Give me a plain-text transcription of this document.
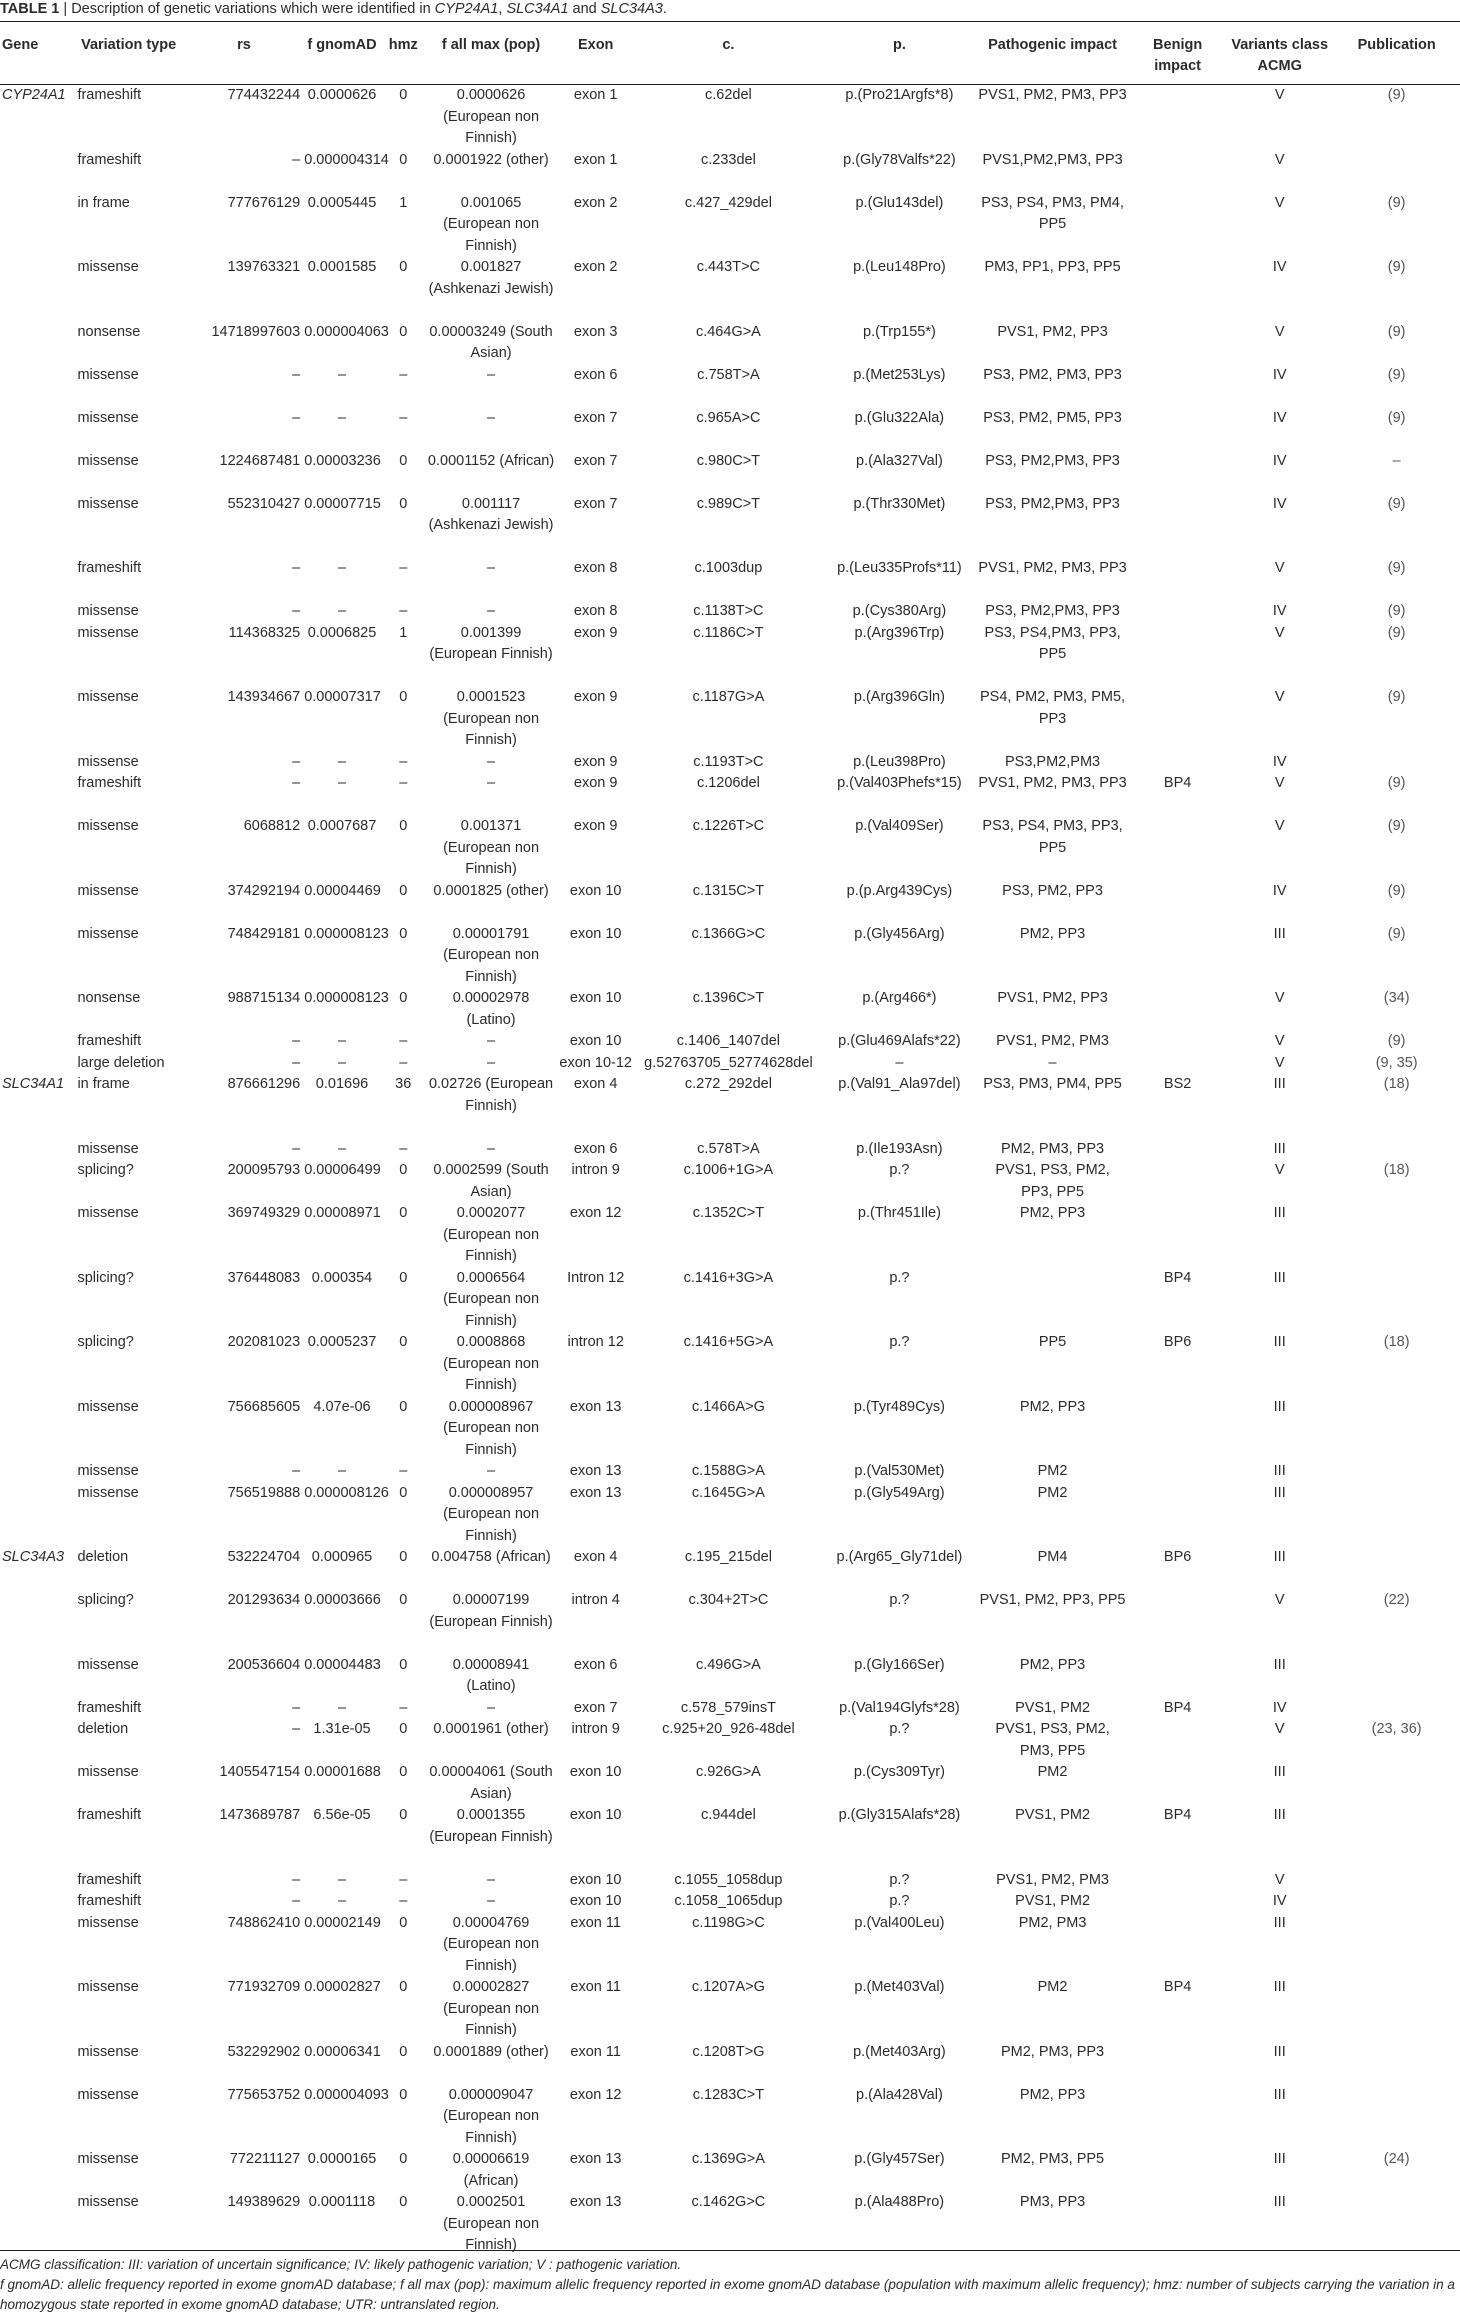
TABLE 1 | Description of genetic variations which were identified in CYP24A1, SLC34A1 and SLC34A3.
Gene	Variation type	rs	f gnomAD	hmz	f all max (pop)	Exon	c.	p.	Pathogenic impact	Benign impact	Variants class ACMG	Publication

CYP24A1	frameshift	774432244	0.0000626	0	0.0000626 (European non Finnish)	exon 1	c.62del	p.(Pro21Argfs*8)	PVS1, PM2, PM3, PP3		V	(9)
	frameshift	–	0.000004314	0	0.0001922 (other)	exon 1	c.233del	p.(Gly78Valfs*22)	PVS1,PM2,PM3, PP3		V	
	in frame	777676129	0.0005445	1	0.001065 (European non Finnish)	exon 2	c.427_429del	p.(Glu143del)	PS3, PS4, PM3, PM4, PP5		V	(9)
	missense	139763321	0.0001585	0	0.001827 (Ashkenazi Jewish)	exon 2	c.443T>C	p.(Leu148Pro)	PM3, PP1, PP3, PP5		IV	(9)
	nonsense	14718997603	0.000004063	0	0.00003249 (South Asian)	exon 3	c.464G>A	p.(Trp155*)	PVS1, PM2, PP3		V	(9)
	missense	–	–	–	–	exon 6	c.758T>A	p.(Met253Lys)	PS3, PM2, PM3, PP3		IV	(9)
	missense	–	–	–	–	exon 7	c.965A>C	p.(Glu322Ala)	PS3, PM2, PM5, PP3		IV	(9)
	missense	1224687481	0.00003236	0	0.0001152 (African)	exon 7	c.980C>T	p.(Ala327Val)	PS3, PM2,PM3, PP3		IV	–
	missense	552310427	0.00007715	0	0.001117 (Ashkenazi Jewish)	exon 7	c.989C>T	p.(Thr330Met)	PS3, PM2,PM3, PP3		IV	(9)
	frameshift	–	–	–	–	exon 8	c.1003dup	p.(Leu335Profs*11)	PVS1, PM2, PM3, PP3		V	(9)
	missense	–	–	–	–	exon 8	c.1138T>C	p.(Cys380Arg)	PS3, PM2,PM3, PP3		IV	(9)
	missense	114368325	0.0006825	1	0.001399 (European Finnish)	exon 9	c.1186C>T	p.(Arg396Trp)	PS3, PS4,PM3, PP3, PP5		V	(9)
	missense	143934667	0.00007317	0	0.0001523 (European non Finnish)	exon 9	c.1187G>A	p.(Arg396Gln)	PS4, PM2, PM3, PM5, PP3		V	(9)
	missense	–	–	–	–	exon 9	c.1193T>C	p.(Leu398Pro)	PS3,PM2,PM3		IV	
	frameshift	–	–	–	–	exon 9	c.1206del	p.(Val403Phefs*15)	PVS1, PM2, PM3, PP3	BP4	V	(9)
	missense	6068812	0.0007687	0	0.001371 (European non Finnish)	exon 9	c.1226T>C	p.(Val409Ser)	PS3, PS4, PM3, PP3, PP5		V	(9)
	missense	374292194	0.00004469	0	0.0001825 (other)	exon 10	c.1315C>T	p.(p.Arg439Cys)	PS3, PM2, PP3		IV	(9)
	missense	748429181	0.000008123	0	0.00001791 (European non Finnish)	exon 10	c.1366G>C	p.(Gly456Arg)	PM2, PP3		III	(9)
	nonsense	988715134	0.000008123	0	0.00002978 (Latino)	exon 10	c.1396C>T	p.(Arg466*)	PVS1, PM2, PP3		V	(34)
	frameshift	–	–	–	–	exon 10	c.1406_1407del	p.(Glu469Alafs*22)	PVS1, PM2, PM3		V	(9)
	large deletion	–	–	–	–	exon 10-12	g.52763705_52774628del	–	–		V	(9, 35)
SLC34A1	in frame	876661296	0.01696	36	0.02726 (European Finnish)	exon 4	c.272_292del	p.(Val91_Ala97del)	PS3, PM3, PM4, PP5	BS2	III	(18)
	missense	–	–	–	–	exon 6	c.578T>A	p.(Ile193Asn)	PM2, PM3, PP3		III	
	splicing?	200095793	0.00006499	0	0.0002599 (South Asian)	intron 9	c.1006+1G>A	p.?	PVS1, PS3, PM2, PP3, PP5		V	(18)
	missense	369749329	0.00008971	0	0.0002077 (European non Finnish)	exon 12	c.1352C>T	p.(Thr451Ile)	PM2, PP3		III	
	splicing?	376448083	0.000354	0	0.0006564 (European non Finnish)	Intron 12	c.1416+3G>A	p.?		BP4	III	
	splicing?	202081023	0.0005237	0	0.0008868 (European non Finnish)	intron 12	c.1416+5G>A	p.?	PP5	BP6	III	(18)
	missense	756685605	4.07e-06	0	0.000008967 (European non Finnish)	exon 13	c.1466A>G	p.(Tyr489Cys)	PM2, PP3		III	
	missense	–	–	–	–	exon 13	c.1588G>A	p.(Val530Met)	PM2		III	
	missense	756519888	0.000008126	0	0.000008957 (European non Finnish)	exon 13	c.1645G>A	p.(Gly549Arg)	PM2		III	
SLC34A3	deletion	532224704	0.000965	0	0.004758 (African)	exon 4	c.195_215del	p.(Arg65_Gly71del)	PM4	BP6	III	
	splicing?	201293634	0.00003666	0	0.00007199 (European Finnish)	intron 4	c.304+2T>C	p.?	PVS1, PM2, PP3, PP5		V	(22)
	missense	200536604	0.00004483	0	0.00008941 (Latino)	exon 6	c.496G>A	p.(Gly166Ser)	PM2, PP3		III	
	frameshift	–	–	–	–	exon 7	c.578_579insT	p.(Val194Glyfs*28)	PVS1, PM2	BP4	IV	
	deletion	–	1.31e-05	0	0.0001961 (other)	intron 9	c.925+20_926-48del	p.?	PVS1, PS3, PM2, PM3, PP5		V	(23, 36)
	missense	1405547154	0.00001688	0	0.00004061 (South Asian)	exon 10	c.926G>A	p.(Cys309Tyr)	PM2		III	
	frameshift	1473689787	6.56e-05	0	0.0001355 (European Finnish)	exon 10	c.944del	p.(Gly315Alafs*28)	PVS1, PM2	BP4	III	
	frameshift	–	–	–	–	exon 10	c.1055_1058dup	p.?	PVS1, PM2, PM3		V	
	frameshift	–	–	–	–	exon 10	c.1058_1065dup	p.?	PVS1, PM2		IV	
	missense	748862410	0.00002149	0	0.00004769 (European non Finnish)	exon 11	c.1198G>C	p.(Val400Leu)	PM2, PM3		III	
	missense	771932709	0.00002827	0	0.00002827 (European non Finnish)	exon 11	c.1207A>G	p.(Met403Val)	PM2	BP4	III	
	missense	532292902	0.00006341	0	0.0001889 (other)	exon 11	c.1208T>G	p.(Met403Arg)	PM2, PM3, PP3		III	
	missense	775653752	0.000004093	0	0.000009047 (European non Finnish)	exon 12	c.1283C>T	p.(Ala428Val)	PM2, PP3		III	
	missense	772211127	0.0000165	0	0.00006619 (African)	exon 13	c.1369G>A	p.(Gly457Ser)	PM2, PM3, PP5		III	(24)
	missense	149389629	0.0001118	0	0.0002501 (European non Finnish)	exon 13	c.1462G>C	p.(Ala488Pro)	PM3, PP3		III	

ACMG classification: III: variation of uncertain significance; IV: likely pathogenic variation; V : pathogenic variation.

f gnomAD: allelic frequency reported in exome gnomAD database; f all max (pop): maximum allelic frequency reported in exome gnomAD database (population with maximum allelic frequency); hmz: number of subjects carrying the variation in a homozygous state reported in exome gnomAD database; UTR: untranslated region.
